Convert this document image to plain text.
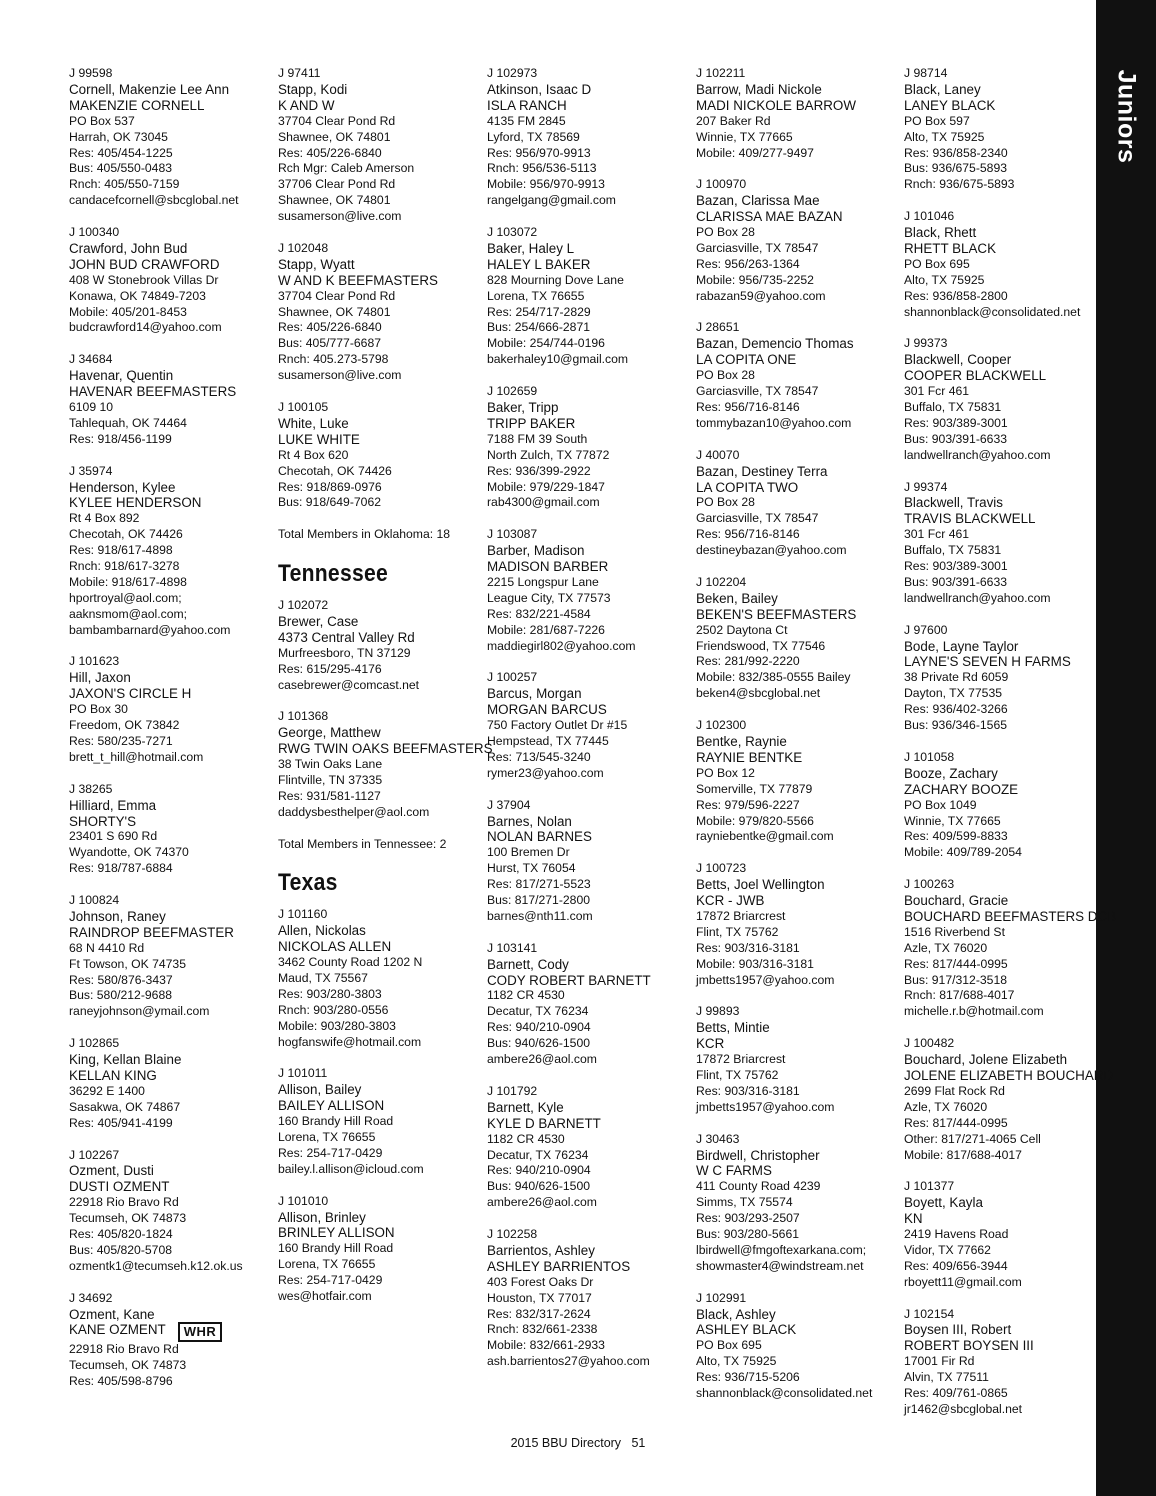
Juniors
J 99598
Cornell, Makenzie Lee Ann
MAKENZIE CORNELL
PO Box 537
Harrah, OK 73045
Res: 405/454-1225
Bus: 405/550-0483
Rnch: 405/550-7159
candacefcornell@sbcglobal.net
J 100340
Crawford, John Bud
JOHN BUD CRAWFORD
408 W Stonebrook Villas Dr
Konawa, OK 74849-7203
Mobile: 405/201-8453
budcrawford14@yahoo.com
J 34684
Havenar, Quentin
HAVENAR BEEFMASTERS
6109 10
Tahlequah, OK 74464
Res: 918/456-1199
J 35974
Henderson, Kylee
KYLEE HENDERSON
Rt 4 Box 892
Checotah, OK 74426
Res: 918/617-4898
Rnch: 918/617-3278
Mobile: 918/617-4898
hportroyal@aol.com;
aaknsmom@aol.com;
bambambarnard@yahoo.com
J 101623
Hill, Jaxon
JAXON'S CIRCLE H
PO Box 30
Freedom, OK 73842
Res: 580/235-7271
brett_t_hill@hotmail.com
J 38265
Hilliard, Emma
SHORTY'S
23401 S 690 Rd
Wyandotte, OK 74370
Res: 918/787-6884
J 100824
Johnson, Raney
RAINDROP BEEFMASTER
68 N 4410 Rd
Ft Towson, OK 74735
Res: 580/876-3437
Bus: 580/212-9688
raneyjohnson@ymail.com
J 102865
King, Kellan Blaine
KELLAN KING
36292 E 1400
Sasakwa, OK 74867
Res: 405/941-4199
J 102267
Ozment, Dusti
DUSTI OZMENT
22918 Rio Bravo Rd
Tecumseh, OK 74873
Res: 405/820-1824
Bus: 405/820-5708
ozmentk1@tecumseh.k12.ok.us
J 34692
Ozment, Kane
KANE OZMENT WHR
22918 Rio Bravo Rd
Tecumseh, OK 74873
Res: 405/598-8796
J 97411
Stapp, Kodi
K AND W
37704 Clear Pond Rd
Shawnee, OK 74801
Res: 405/226-6840
Rch Mgr: Caleb Amerson
37706 Clear Pond Rd
Shawnee, OK 74801
susamerson@live.com
J 102048
Stapp, Wyatt
W AND K BEEFMASTERS
37704 Clear Pond Rd
Shawnee, OK 74801
Res: 405/226-6840
Bus: 405/777-6687
Rnch: 405.273-5798
susamerson@live.com
J 100105
White, Luke
LUKE WHITE
Rt 4 Box 620
Checotah, OK 74426
Res: 918/869-0976
Bus: 918/649-7062
Total Members in Oklahoma: 18
Tennessee
J 102072
Brewer, Case
4373 Central Valley Rd
Murfreesboro, TN 37129
Res: 615/295-4176
casebrewer@comcast.net
J 101368
George, Matthew
RWG TWIN OAKS BEEFMASTERS
38 Twin Oaks Lane
Flintville, TN 37335
Res: 931/581-1127
daddysbesthelper@aol.com
Total Members in Tennessee: 2
Texas
J 101160
Allen, Nickolas
NICKOLAS ALLEN
3462 County Road 1202 N
Maud, TX 75567
Res: 903/280-3803
Rnch: 903/280-0556
Mobile: 903/280-3803
hogfanswife@hotmail.com
J 101011
Allison, Bailey
BAILEY ALLISON
160 Brandy Hill Road
Lorena, TX 76655
Res: 254-717-0429
bailey.l.allison@icloud.com
J 101010
Allison, Brinley
BRINLEY ALLISON
160 Brandy Hill Road
Lorena, TX 76655
Res: 254-717-0429
wes@hotfair.com
J 102973
Atkinson, Isaac D
ISLA RANCH
4135 FM 2845
Lyford, TX 78569
Res: 956/970-9913
Rnch: 956/536-5113
Mobile: 956/970-9913
rangelgang@gmail.com
J 103072
Baker, Haley L
HALEY L BAKER
828 Mourning Dove Lane
Lorena, TX 76655
Res: 254/717-2829
Bus: 254/666-2871
Mobile: 254/744-0196
bakerhaley10@gmail.com
J 102659
Baker, Tripp
TRIPP BAKER
7188 FM 39 South
North Zulch, TX 77872
Res: 936/399-2922
Mobile: 979/229-1847
rab4300@gmail.com
J 103087
Barber, Madison
MADISON BARBER
2215 Longspur Lane
League City, TX 77573
Res: 832/221-4584
Mobile: 281/687-7226
maddiegirl802@yahoo.com
J 100257
Barcus, Morgan
MORGAN BARCUS
750 Factory Outlet Dr #15
Hempstead, TX 77445
Res: 713/545-3240
rymer23@yahoo.com
J 37904
Barnes, Nolan
NOLAN BARNES
100 Bremen Dr
Hurst, TX 76054
Res: 817/271-5523
Bus: 817/271-2800
barnes@nth11.com
J 103141
Barnett, Cody
CODY ROBERT BARNETT
1182 CR 4530
Decatur, TX 76234
Res: 940/210-0904
Bus: 940/626-1500
ambere26@aol.com
J 101792
Barnett, Kyle
KYLE D BARNETT
1182 CR 4530
Decatur, TX 76234
Res: 940/210-0904
Bus: 940/626-1500
ambere26@aol.com
J 102258
Barrientos, Ashley
ASHLEY BARRIENTOS
403 Forest Oaks Dr
Houston, TX 77017
Res: 832/317-2624
Rnch: 832/661-2338
Mobile: 832/661-2933
ash.barrientos27@yahoo.com
J 102211
Barrow, Madi Nickole
MADI NICKOLE BARROW
207 Baker Rd
Winnie, TX 77665
Mobile: 409/277-9497
J 100970
Bazan, Clarissa Mae
CLARISSA MAE BAZAN
PO Box 28
Garciasville, TX 78547
Res: 956/263-1364
Mobile: 956/735-2252
rabazan59@yahoo.com
J 28651
Bazan, Demencio Thomas
LA COPITA ONE
PO Box 28
Garciasville, TX 78547
Res: 956/716-8146
tommybazan10@yahoo.com
J 40070
Bazan, Destiney Terra
LA COPITA TWO
PO Box 28
Garciasville, TX 78547
Res: 956/716-8146
destineybazan@yahoo.com
J 102204
Beken, Bailey
BEKEN'S BEEFMASTERS
2502 Daytona Ct
Friendswood, TX 77546
Res: 281/992-2220
Mobile: 832/385-0555 Bailey
beken4@sbcglobal.net
J 102300
Bentke, Raynie
RAYNIE BENTKE
PO Box 12
Somerville, TX 77879
Res: 979/596-2227
Mobile: 979/820-5566
rayniebentke@gmail.com
J 100723
Betts, Joel Wellington
KCR - JWB
17872 Briarcrest
Flint, TX 75762
Res: 903/316-3181
Mobile: 903/316-3181
jmbetts1957@yahoo.com
J 99893
Betts, Mintie
KCR
17872 Briarcrest
Flint, TX 75762
Res: 903/316-3181
jmbetts1957@yahoo.com
J 30463
Birdwell, Christopher
W C FARMS
411 County Road 4239
Simms, TX 75574
Res: 903/293-2507
Bus: 903/280-5661
lbirdwell@fmgoftexarkana.com;
showmaster4@windstream.net
J 102991
Black, Ashley
ASHLEY BLACK
PO Box 695
Alto, TX 75925
Res: 936/715-5206
shannonblack@consolidated.net
J 98714
Black, Laney
LANEY BLACK
PO Box 597
Alto, TX 75925
Res: 936/858-2340
Bus: 936/675-5893
Rnch: 936/675-5893
J 101046
Black, Rhett
RHETT BLACK
PO Box 695
Alto, TX 75925
Res: 936/858-2800
shannonblack@consolidated.net
J 99373
Blackwell, Cooper
COOPER BLACKWELL
301 Fcr 461
Buffalo, TX 75831
Res: 903/389-3001
Bus: 903/391-6633
landwellranch@yahoo.com
J 99374
Blackwell, Travis
TRAVIS BLACKWELL
301 Fcr 461
Buffalo, TX 75831
Res: 903/389-3001
Bus: 903/391-6633
landwellranch@yahoo.com
J 97600
Bode, Layne Taylor
LAYNE'S SEVEN H FARMS
38 Private Rd 6059
Dayton, TX 77535
Res: 936/402-3266
Bus: 936/346-1565
J 101058
Booze, Zachary
ZACHARY BOOZE
PO Box 1049
Winnie, TX 77665
Res: 409/599-8833
Mobile: 409/789-2054
J 100263
Bouchard, Gracie
BOUCHARD BEEFMASTERS DCB
1516 Riverbend St
Azle, TX 76020
Res: 817/444-0995
Bus: 917/312-3518
Rnch: 817/688-4017
michelle.r.b@hotmail.com
J 100482
Bouchard, Jolene Elizabeth
JOLENE ELIZABETH BOUCHARD
2699 Flat Rock Rd
Azle, TX 76020
Res: 817/444-0995
Other: 817/271-4065 Cell
Mobile: 817/688-4017
J 101377
Boyett, Kayla
KN
2419 Havens Road
Vidor, TX 77662
Res: 409/656-3944
rboyett11@gmail.com
J 102154
Boysen III, Robert
ROBERT BOYSEN III
17001 Fir Rd
Alvin, TX 77511
Res: 409/761-0865
jr1462@sbcglobal.net
2015 BBU Directory 51
